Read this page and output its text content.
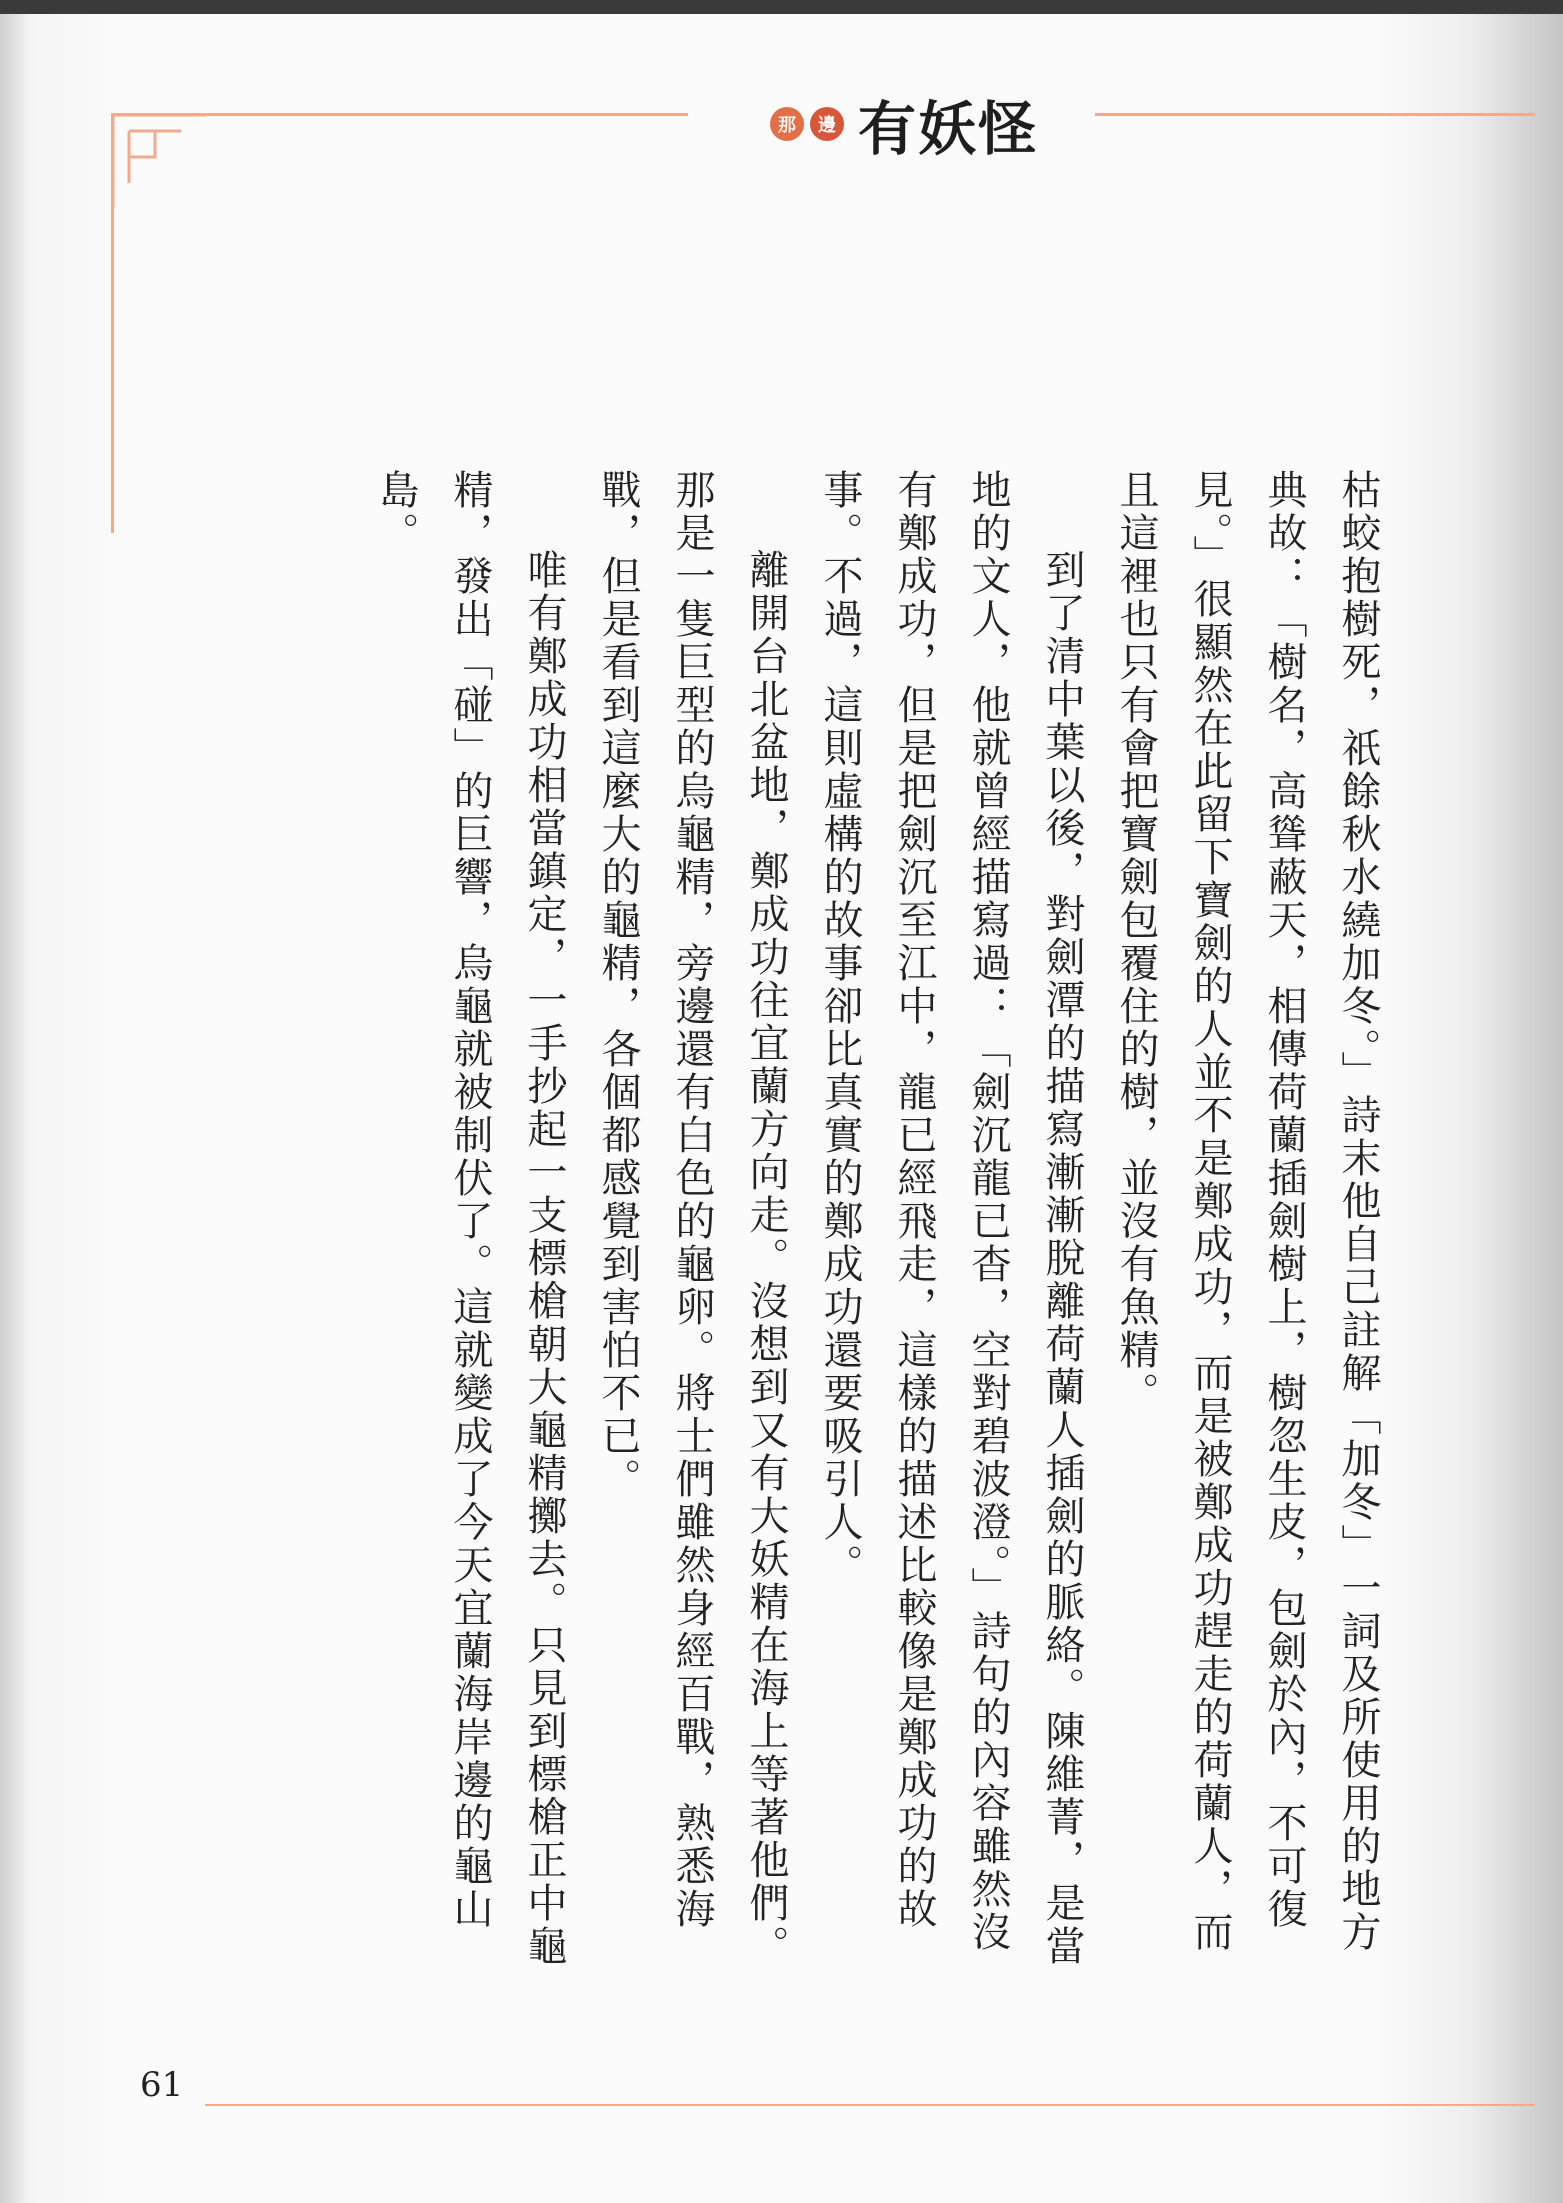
那	邊 有妖怪

枯蛟抱樹死，祇餘秋水繞加冬。」詩末他自己註解「加冬」一詞及所使用的地方典故：「樹名，高聳蔽天，相傳荷蘭插劍樹上，樹忽生皮，包劍於內，不可復見。」很顯然在此留下寶劍的人並不是鄭成功，而是被鄭成功趕走的荷蘭人，而且這裡也只有會把寶劍包覆住的樹，並沒有魚精。

到了清中葉以後，對劍潭的描寫漸漸脫離荷蘭人插劍的脈絡。陳維菁，是當地的文人，他就曾經描寫過：「劍沉龍已杳，空對碧波澄。」詩句的內容雖然沒有鄭成功，但是把劍沉至江中，龍已經飛走，這樣的描述比較像是鄭成功的故事。不過，這則虛構的故事卻比真實的鄭成功還要吸引人。

離開台北盆地，鄭成功往宜蘭方向走。沒想到又有大妖精在海上等著他們。那是一隻巨型的烏龜精，旁邊還有白色的龜卵。將士們雖然身經百戰，熟悉海戰，但是看到這麼大的龜精，各個都感覺到害怕不已。

唯有鄭成功相當鎮定，一手抄起一支標槍朝大龜精擲去。只見到標槍正中龜精，發出「碰」的巨響，烏龜就被制伏了。這就變成了今天宜蘭海岸邊的龜山島。

61
